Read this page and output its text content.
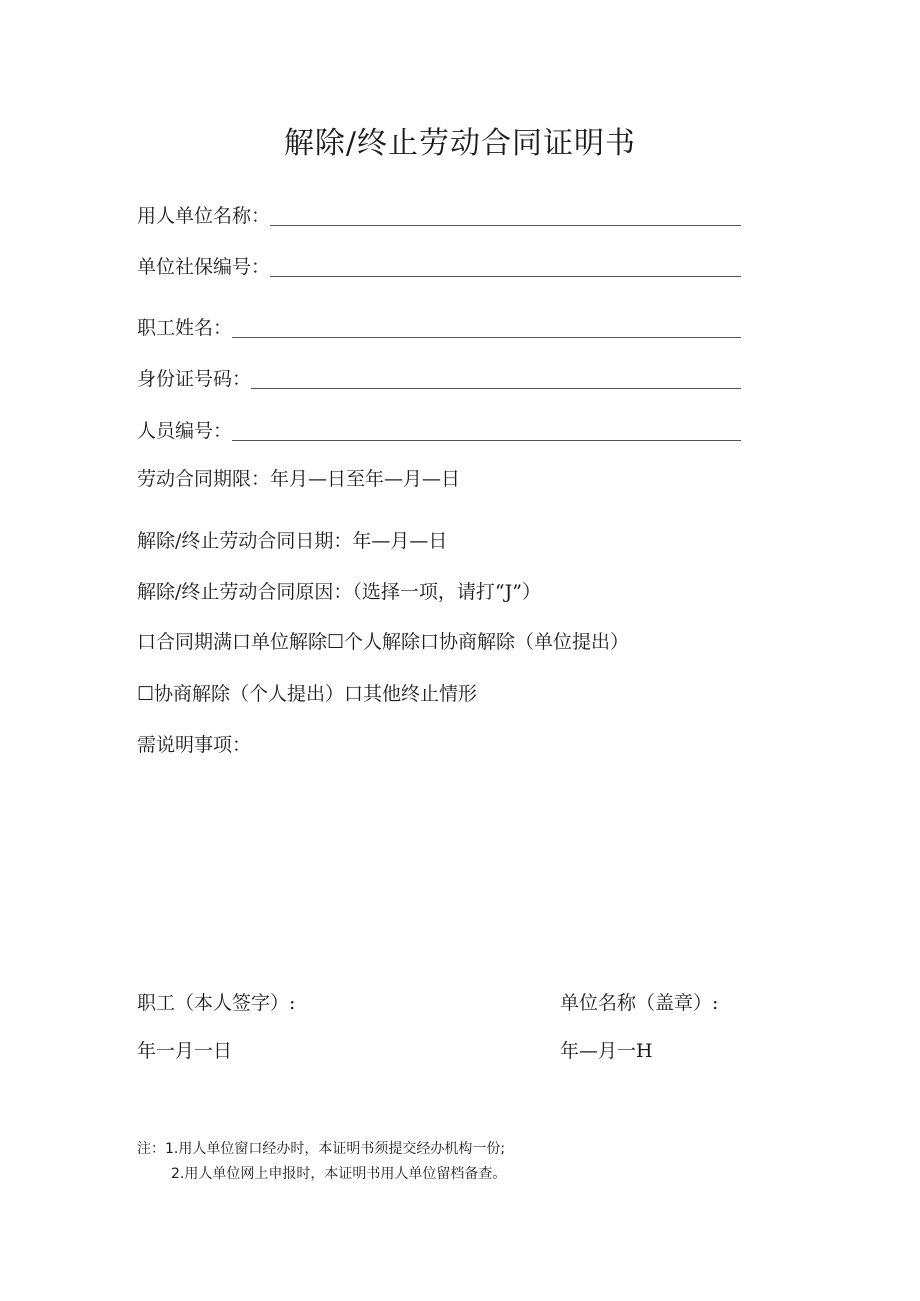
解除/终止劳动合同证明书
用人单位名称：
单位社保编号：
职工姓名：
身份证号码：
人员编号：
劳动合同期限：年月—日至年—月—日
解除/终止劳动合同日期：年—月—日
解除/终止劳动合同原因：（选择一项，请打“J”）
口合同期满口单位解除☐个人解除口协商解除（单位提出）
☐协商解除（个人提出）口其他终止情形
需说明事项：
职工（本人签字）:	单位名称（盖章）:
年一月一日	年—月一H
注：1.用人单位窗口经办时，本证明书须提交经办机构一份;
2.用人单位网上申报时，本证明书用人单位留档备查。
